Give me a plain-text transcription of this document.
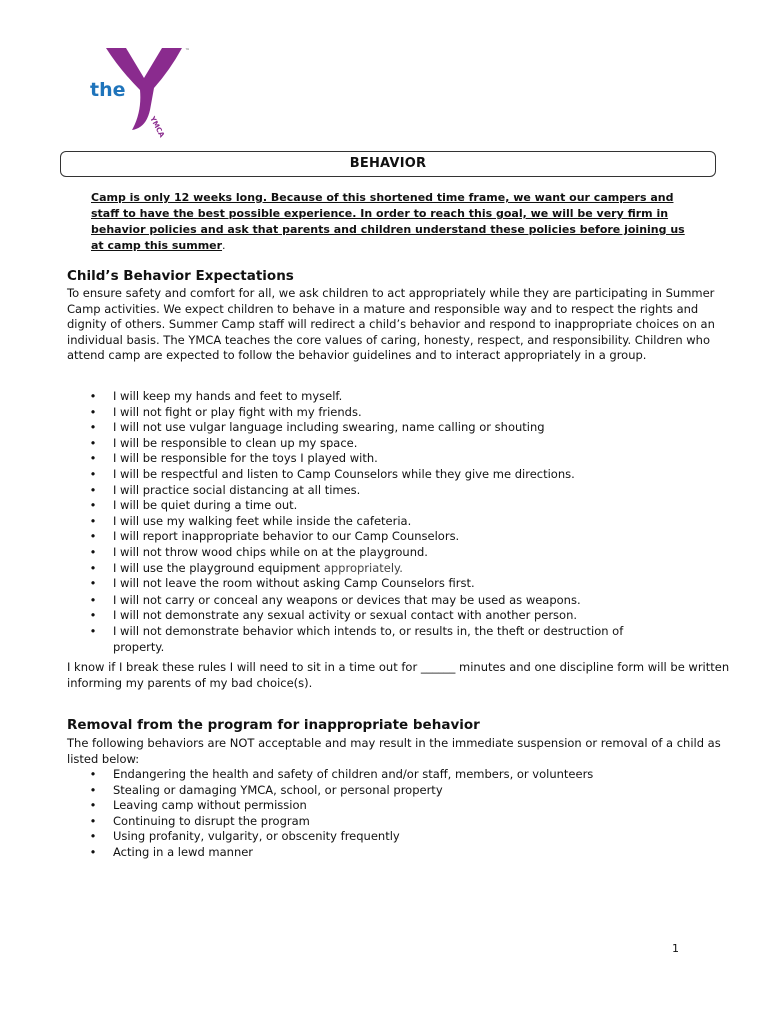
the
™
YMCA
BEHAVIOR
Camp is only 12 weeks long. Because of this shortened time frame, we want our campers and staff to have the best possible experience. In order to reach this goal, we will be very firm in behavior policies and ask that parents and children understand these policies before joining us at camp this summer.
Child’s Behavior Expectations

To ensure safety and comfort for all, we ask children to act appropriately while they are participating in Summer Camp activities. We expect children to behave in a mature and responsible way and to respect the rights and dignity of others. Summer Camp staff will redirect a child’s behavior and respond to inappropriate choices on an individual basis. The YMCA teaches the core values of caring, honesty, respect, and responsibility. Children who attend camp are expected to follow the behavior guidelines and to interact appropriately in a group.

• I will keep my hands and feet to myself.
• I will not fight or play fight with my friends.
• I will not use vulgar language including swearing, name calling or shouting
• I will be responsible to clean up my space.
• I will be responsible for the toys I played with.
• I will be respectful and listen to Camp Counselors while they give me directions.
• I will practice social distancing at all times.
• I will be quiet during a time out.
• I will use my walking feet while inside the cafeteria.
• I will report inappropriate behavior to our Camp Counselors.
• I will not throw wood chips while on at the playground.
• I will use the playground equipment appropriately.
• I will not leave the room without asking Camp Counselors first.
• I will not carry or conceal any weapons or devices that may be used as weapons.
• I will not demonstrate any sexual activity or sexual contact with another person.
• I will not demonstrate behavior which intends to, or results in, the theft or destruction of property.

I know if I break these rules I will need to sit in a time out for ______ minutes and one discipline form will be written informing my parents of my bad choice(s).

Removal from the program for inappropriate behavior

The following behaviors are NOT acceptable and may result in the immediate suspension or removal of a child as listed below:

• Endangering the health and safety of children and/or staff, members, or volunteers
• Stealing or damaging YMCA, school, or personal property
• Leaving camp without permission
• Continuing to disrupt the program
• Using profanity, vulgarity, or obscenity frequently
• Acting in a lewd manner
1
